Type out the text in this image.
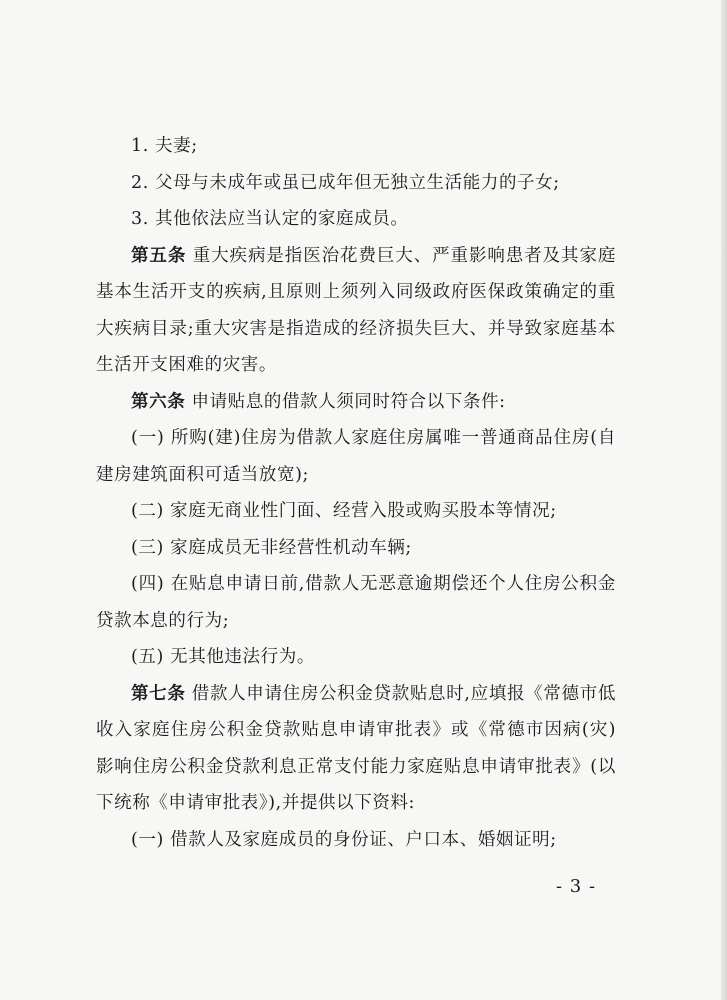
1. 夫妻;

2. 父母与未成年或虽已成年但无独立生活能力的子女;

3. 其他依法应当认定的家庭成员。

第五条 重大疾病是指医治花费巨大、严重影响患者及其家庭基本生活开支的疾病,且原则上须列入同级政府医保政策确定的重大疾病目录;重大灾害是指造成的经济损失巨大、并导致家庭基本生活开支困难的灾害。

第六条 申请贴息的借款人须同时符合以下条件:

(一) 所购(建)住房为借款人家庭住房属唯一普通商品住房(自建房建筑面积可适当放宽);

(二) 家庭无商业性门面、经营入股或购买股本等情况;

(三) 家庭成员无非经营性机动车辆;

(四) 在贴息申请日前,借款人无恶意逾期偿还个人住房公积金贷款本息的行为;

(五) 无其他违法行为。

第七条 借款人申请住房公积金贷款贴息时,应填报《常德市低收入家庭住房公积金贷款贴息申请审批表》或《常德市因病(灾)影响住房公积金贷款利息正常支付能力家庭贴息申请审批表》(以下统称《申请审批表》),并提供以下资料:

(一) 借款人及家庭成员的身份证、户口本、婚姻证明;

- 3 -
